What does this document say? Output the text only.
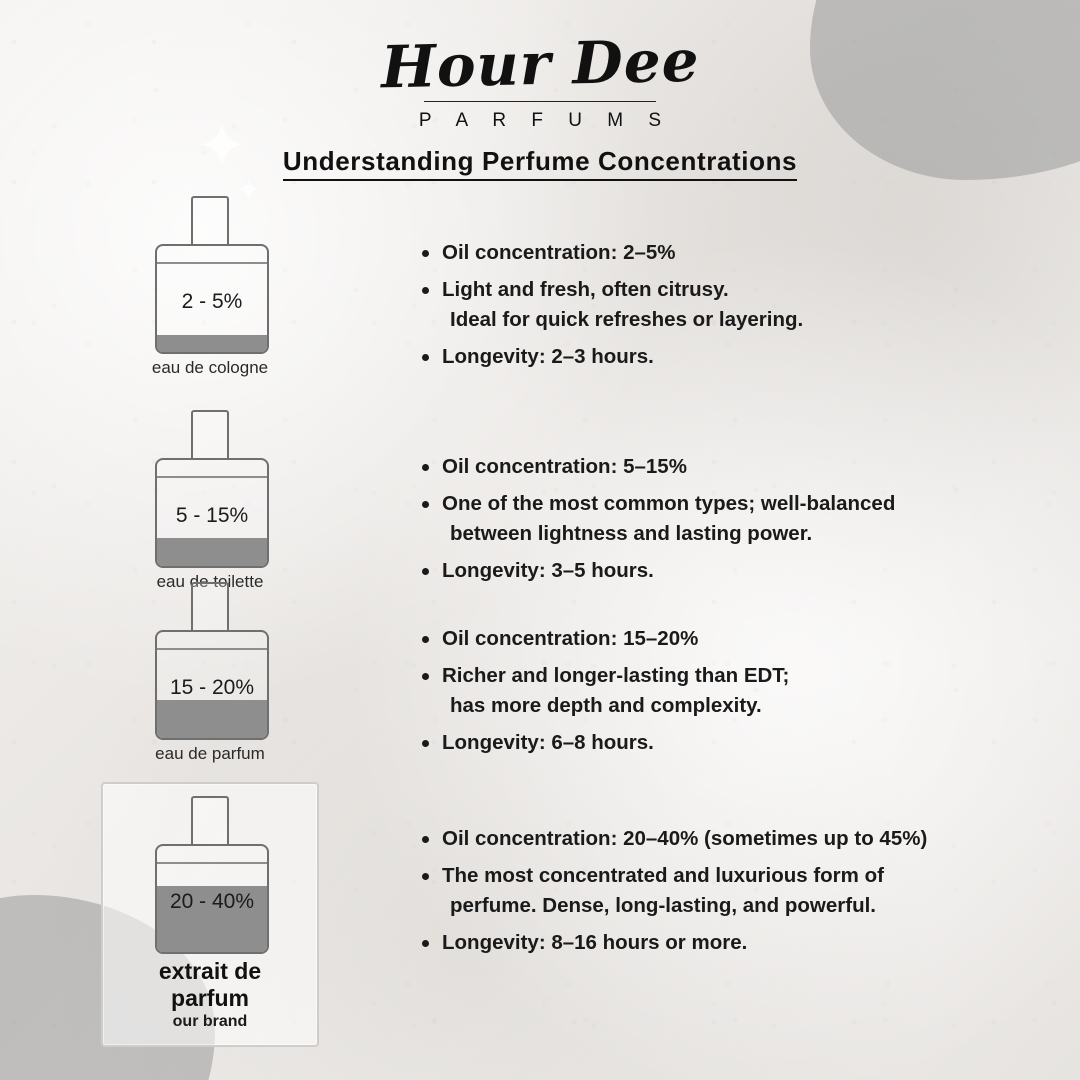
✦
✦
Hour Dee
P A R F U M S
Understanding Perfume Concentrations
2 - 5%
eau de cologne
Oil concentration: 2–5%
Light and fresh, often citrusy.
Ideal for quick refreshes or layering.
Longevity: 2–3 hours.
5 - 15%
eau de toilette
Oil concentration: 5–15%
One of the most common types; well-balanced
between lightness and lasting power.
Longevity: 3–5 hours.
15 - 20%
eau de parfum
Oil concentration: 15–20%
Richer and longer-lasting than EDT;
has more depth and complexity.
Longevity: 6–8 hours.
20 - 40%
extrait de parfum
our brand
Oil concentration: 20–40% (sometimes up to 45%)
The most concentrated and luxurious form of
perfume. Dense, long-lasting, and powerful.
Longevity: 8–16 hours or more.
